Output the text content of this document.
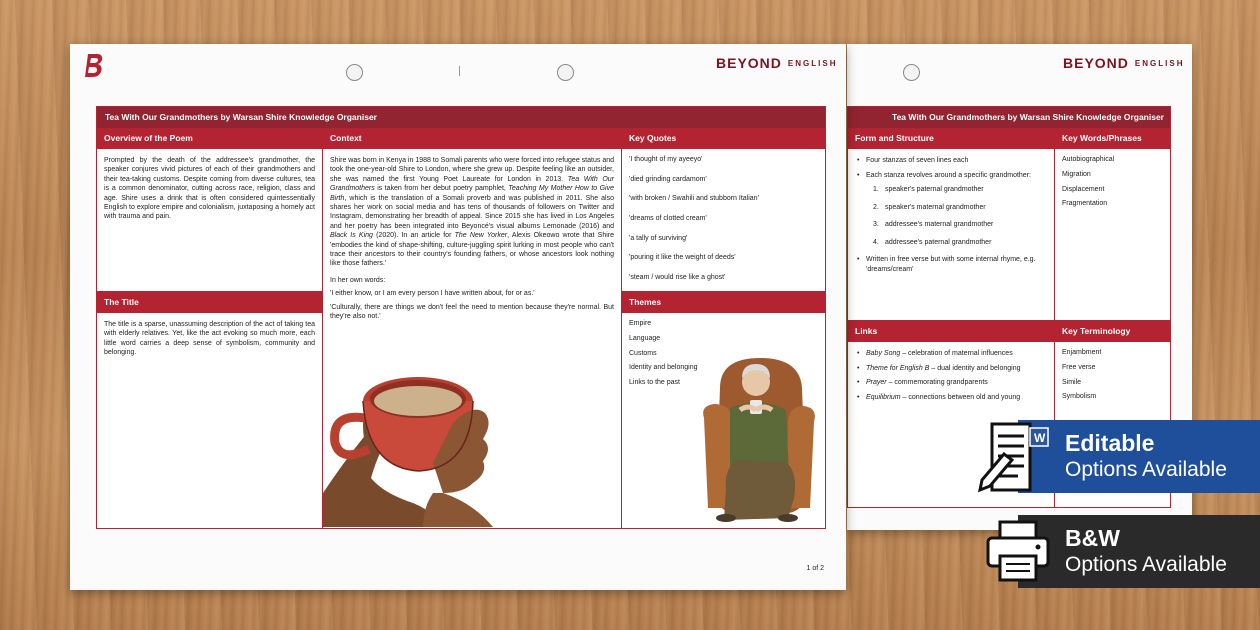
BEYOND $^{ENGLISH}$
Tea With Our Grandmothers by Warsan Shire Knowledge Organiser
Form and Structure
• Four stanzas of seven lines each
• Each stanza revolves around a specific grandmother:
1. speaker's paternal grandmother
2. speaker's maternal grandmother
3. addressee's maternal grandmother
4. addressee's paternal grandmother
• Written in free verse but with some internal rhyme, e.g. 'dreams/cream'
Key Words/Phrases
Autobiographical
Migration
Displacement
Fragmentation
Links
• Baby Song – celebration of maternal influences
• Theme for English B – dual identity and belonging
• Prayer – commemorating grandparents
• Equilibrium – connections between old and young
Key Terminology
Enjambment
Free verse
Simile
Symbolism
BEYOND $^{ENGLISH}$
Tea With Our Grandmothers by Warsan Shire Knowledge Organiser
Overview of the Poem

Prompted by the death of the addressee's grandmother, the speaker conjures vivid pictures of each of their grandmothers and their tea-taking customs. Despite coming from diverse cultures, tea is a common denominator, cutting across race, religion, class and age. Shire uses a drink that is often considered quintessentially English to explore empire and colonialism, juxtaposing a homely act with trauma and pain.

The Title

The title is a sparse, unassuming description of the act of taking tea with elderly relatives. Yet, like the act evoking so much more, each little word carries a deep sense of symbolism, community and belonging.

Context

Shire was born in Kenya in 1988 to Somali parents who were forced into refugee status and took the one-year-old Shire to London, where she grew up. Despite feeling like an outsider, she was named the first Young Poet Laureate for London in 2013. Tea With Our Grandmothers is taken from her debut poetry pamphlet, Teaching My Mother How to Give Birth, which is the translation of a Somali proverb and was published in 2011. She also shares her work on social media and has tens of thousands of followers on Twitter and Instagram, demonstrating her breadth of appeal. Since 2015 she has lived in Los Angeles and her poetry has been integrated into Beyoncé's visual albums Lemonade (2016) and Black Is King (2020). In an article for The New Yorker, Alexis Okeowo wrote that Shire 'embodies the kind of shape-shifting, culture-juggling spirit lurking in most people who can't trace their ancestors to their country's founding fathers, or whose ancestors look nothing like those fathers.'

In her own words:

'I either know, or I am every person I have written about, for or as.'

'Culturally, there are things we don't feel the need to mention because they're normal. But they're also not.'

Key Quotes
'I thought of my ayeeyo'
'died grinding cardamom'
'with broken / Swahili and stubborn Italian'
'dreams of clotted cream'
'a tally of surviving'
'pouring it like the weight of deeds'
'steam / would rise like a ghost'
Themes
Empire
Language
Customs
Identity and belonging
Links to the past
1 of 2
Editable
Options Available
W
B&W
Options Available
